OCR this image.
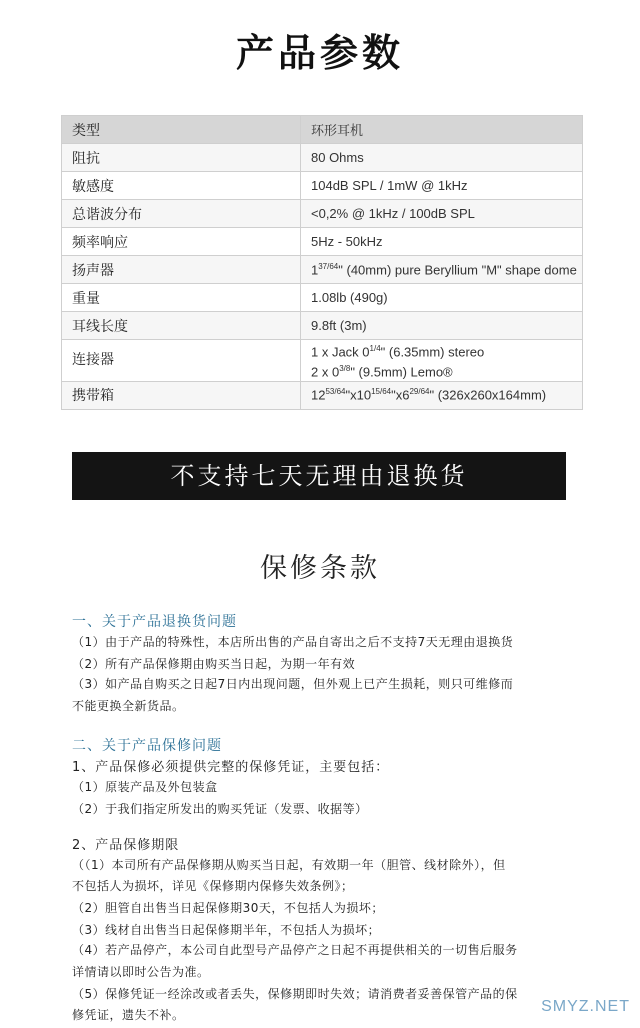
产品参数
类型	环形耳机
阻抗	80 Ohms
敏感度	104dB SPL / 1mW @ 1kHz
总谐波分布	<0,2% @ 1kHz / 100dB SPL
频率响应	5Hz - 50kHz
扬声器	$1^{37/64}$" (40mm) pure Beryllium "M" shape dome
重量	1.08lb (490g)
耳线长度	9.8ft (3m)
连接器	1 x Jack $0^{1/4}$" (6.35mm) stereo
2 x $0^{3/8}$" (9.5mm) Lemo®

携带箱	$12^{53/64}"x10^{15/64}"x6^{29/64}$" (326x260x164mm)
不支持七天无理由退换货
保修条款
一、关于产品退换货问题
（1）由于产品的特殊性，本店所出售的产品自寄出之后不支持7天无理由退换货
（2）所有产品保修期由购买当日起，为期一年有效
（3）如产品自购买之日起7日内出现问题，但外观上已产生损耗，则只可维修而
不能更换全新货品。
二、关于产品保修问题
1、产品保修必须提供完整的保修凭证，主要包括：
（1）原装产品及外包装盒
（2）于我们指定所发出的购买凭证（发票、收据等）
2、产品保修期限
（（1）本司所有产品保修期从购买当日起，有效期一年（胆管、线材除外），但
不包括人为损坏，详见《保修期内保修失效条例》；
（2）胆管自出售当日起保修期30天，不包括人为损坏；
（3）线材自出售当日起保修期半年，不包括人为损坏；
（4）若产品停产，本公司自此型号产品停产之日起不再提供相关的一切售后服务
详情请以即时公告为准。
（5）保修凭证一经涂改或者丢失，保修期即时失效；请消费者妥善保管产品的保
修凭证，遗失不补。	SMYZ.NET
